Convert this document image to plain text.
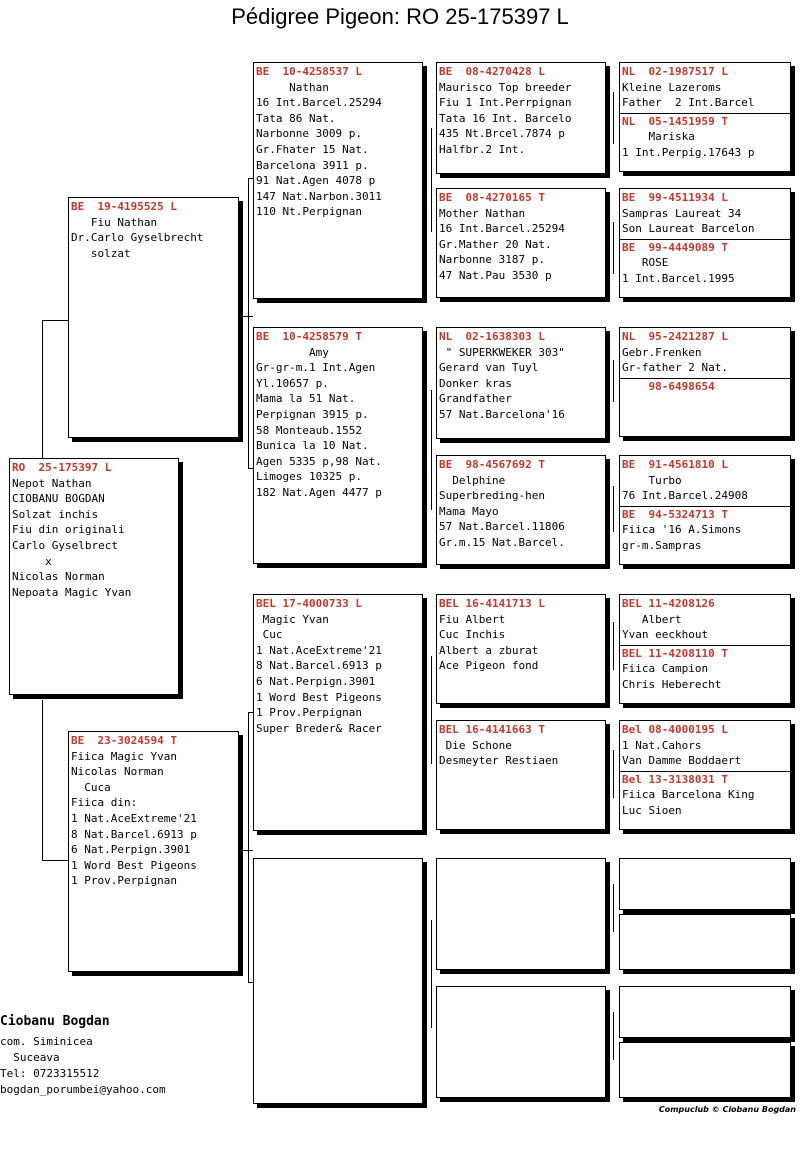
Pédigree Pigeon: RO 25-175397 L
RO  25-175397 L
Nepot Nathan
CIOBANU BOGDAN
Solzat inchis
Fiu din originali
Carlo Gyselbrect
x
Nicolas Norman
Nepoata Magic Yvan
BE  19-4195525 L
Fiu Nathan
Dr.Carlo Gyselbrecht
solzat
BE  23-3024594 T
Fiica Magic Yvan
Nicolas Norman
Cuca
Fiica din:
1 Nat.AceExtreme'21
8 Nat.Barcel.6913 p
6 Nat.Perpign.3901
1 Word Best Pigeons
1 Prov.Perpignan
BE  10-4258537 L
Nathan
16 Int.Barcel.25294
Tata 86 Nat.
Narbonne 3009 p.
Gr.Fhater 15 Nat.
Barcelona 3911 p.
91 Nat.Agen 4078 p
147 Nat.Narbon.3011
110 Nt.Perpignan
BE  10-4258579 T
Amy
Gr-gr-m.1 Int.Agen
Yl.10657 p.
Mama la 51 Nat.
Perpignan 3915 p.
58 Monteaub.1552
Bunica la 10 Nat.
Agen 5335 p,98 Nat.
Limoges 10325 p.
182 Nat.Agen 4477 p
BEL 17-4000733 L
Magic Yvan
Cuc
1 Nat.AceExtreme'21
8 Nat.Barcel.6913 p
6 Nat.Perpign.3901
1 Word Best Pigeons
1 Prov.Perpignan
Super Breder& Racer
BE  08-4270428 L
Maurisco Top breeder
Fiu 1 Int.Perrpignan
Tata 16 Int. Barcelo
435 Nt.Brcel.7874 p
Halfbr.2 Int.
BE  08-4270165 T
Mother Nathan
16 Int.Barcel.25294
Gr.Mather 20 Nat.
Narbonne 3187 p.
47 Nat.Pau 3530 p
NL  02-1638303 L
" SUPERKWEKER 303"
Gerard van Tuyl
Donker kras
Grandfather
57 Nat.Barcelona'16
BE  98-4567692 T
Delphine
Superbreding-hen
Mama Mayo
57 Nat.Barcel.11806
Gr.m.15 Nat.Barcel.
BEL 16-4141713 L
Fiu Albert
Cuc Inchis
Albert a zburat
Ace Pigeon fond
BEL 16-4141663 T
Die Schone
Desmeyter Restiaen
NL  02-1987517 L
Kleine Lazeroms
Father  2 Int.Barcel
NL  05-1451959 T
Mariska
1 Int.Perpig.17643 p
BE  99-4511934 L
Sampras Laureat 34
Son Laureat Barcelon
BE  99-4449089 T
ROSE
1 Int.Barcel.1995
NL  95-2421287 L
Gebr.Frenken
Gr-father 2 Nat.
98-6498654
BE  91-4561810 L
Turbo
76 Int.Barcel.24908
BE  94-5324713 T
Fiica '16 A.Simons
gr-m.Sampras
BEL 11-4208126
Albert
Yvan eeckhout
BEL 11-4208110 T
Fiica Campion
Chris Heberecht
Bel 08-4000195 L
1 Nat.Cahors
Van Damme Boddaert
Bel 13-3138031 T
Fiica Barcelona King
Luc Sioen
Ciobanu Bogdan
com. Siminicea
Suceava
Tel: 0723315512
bogdan_porumbei@yahoo.com
Compuclub © Ciobanu Bogdan
